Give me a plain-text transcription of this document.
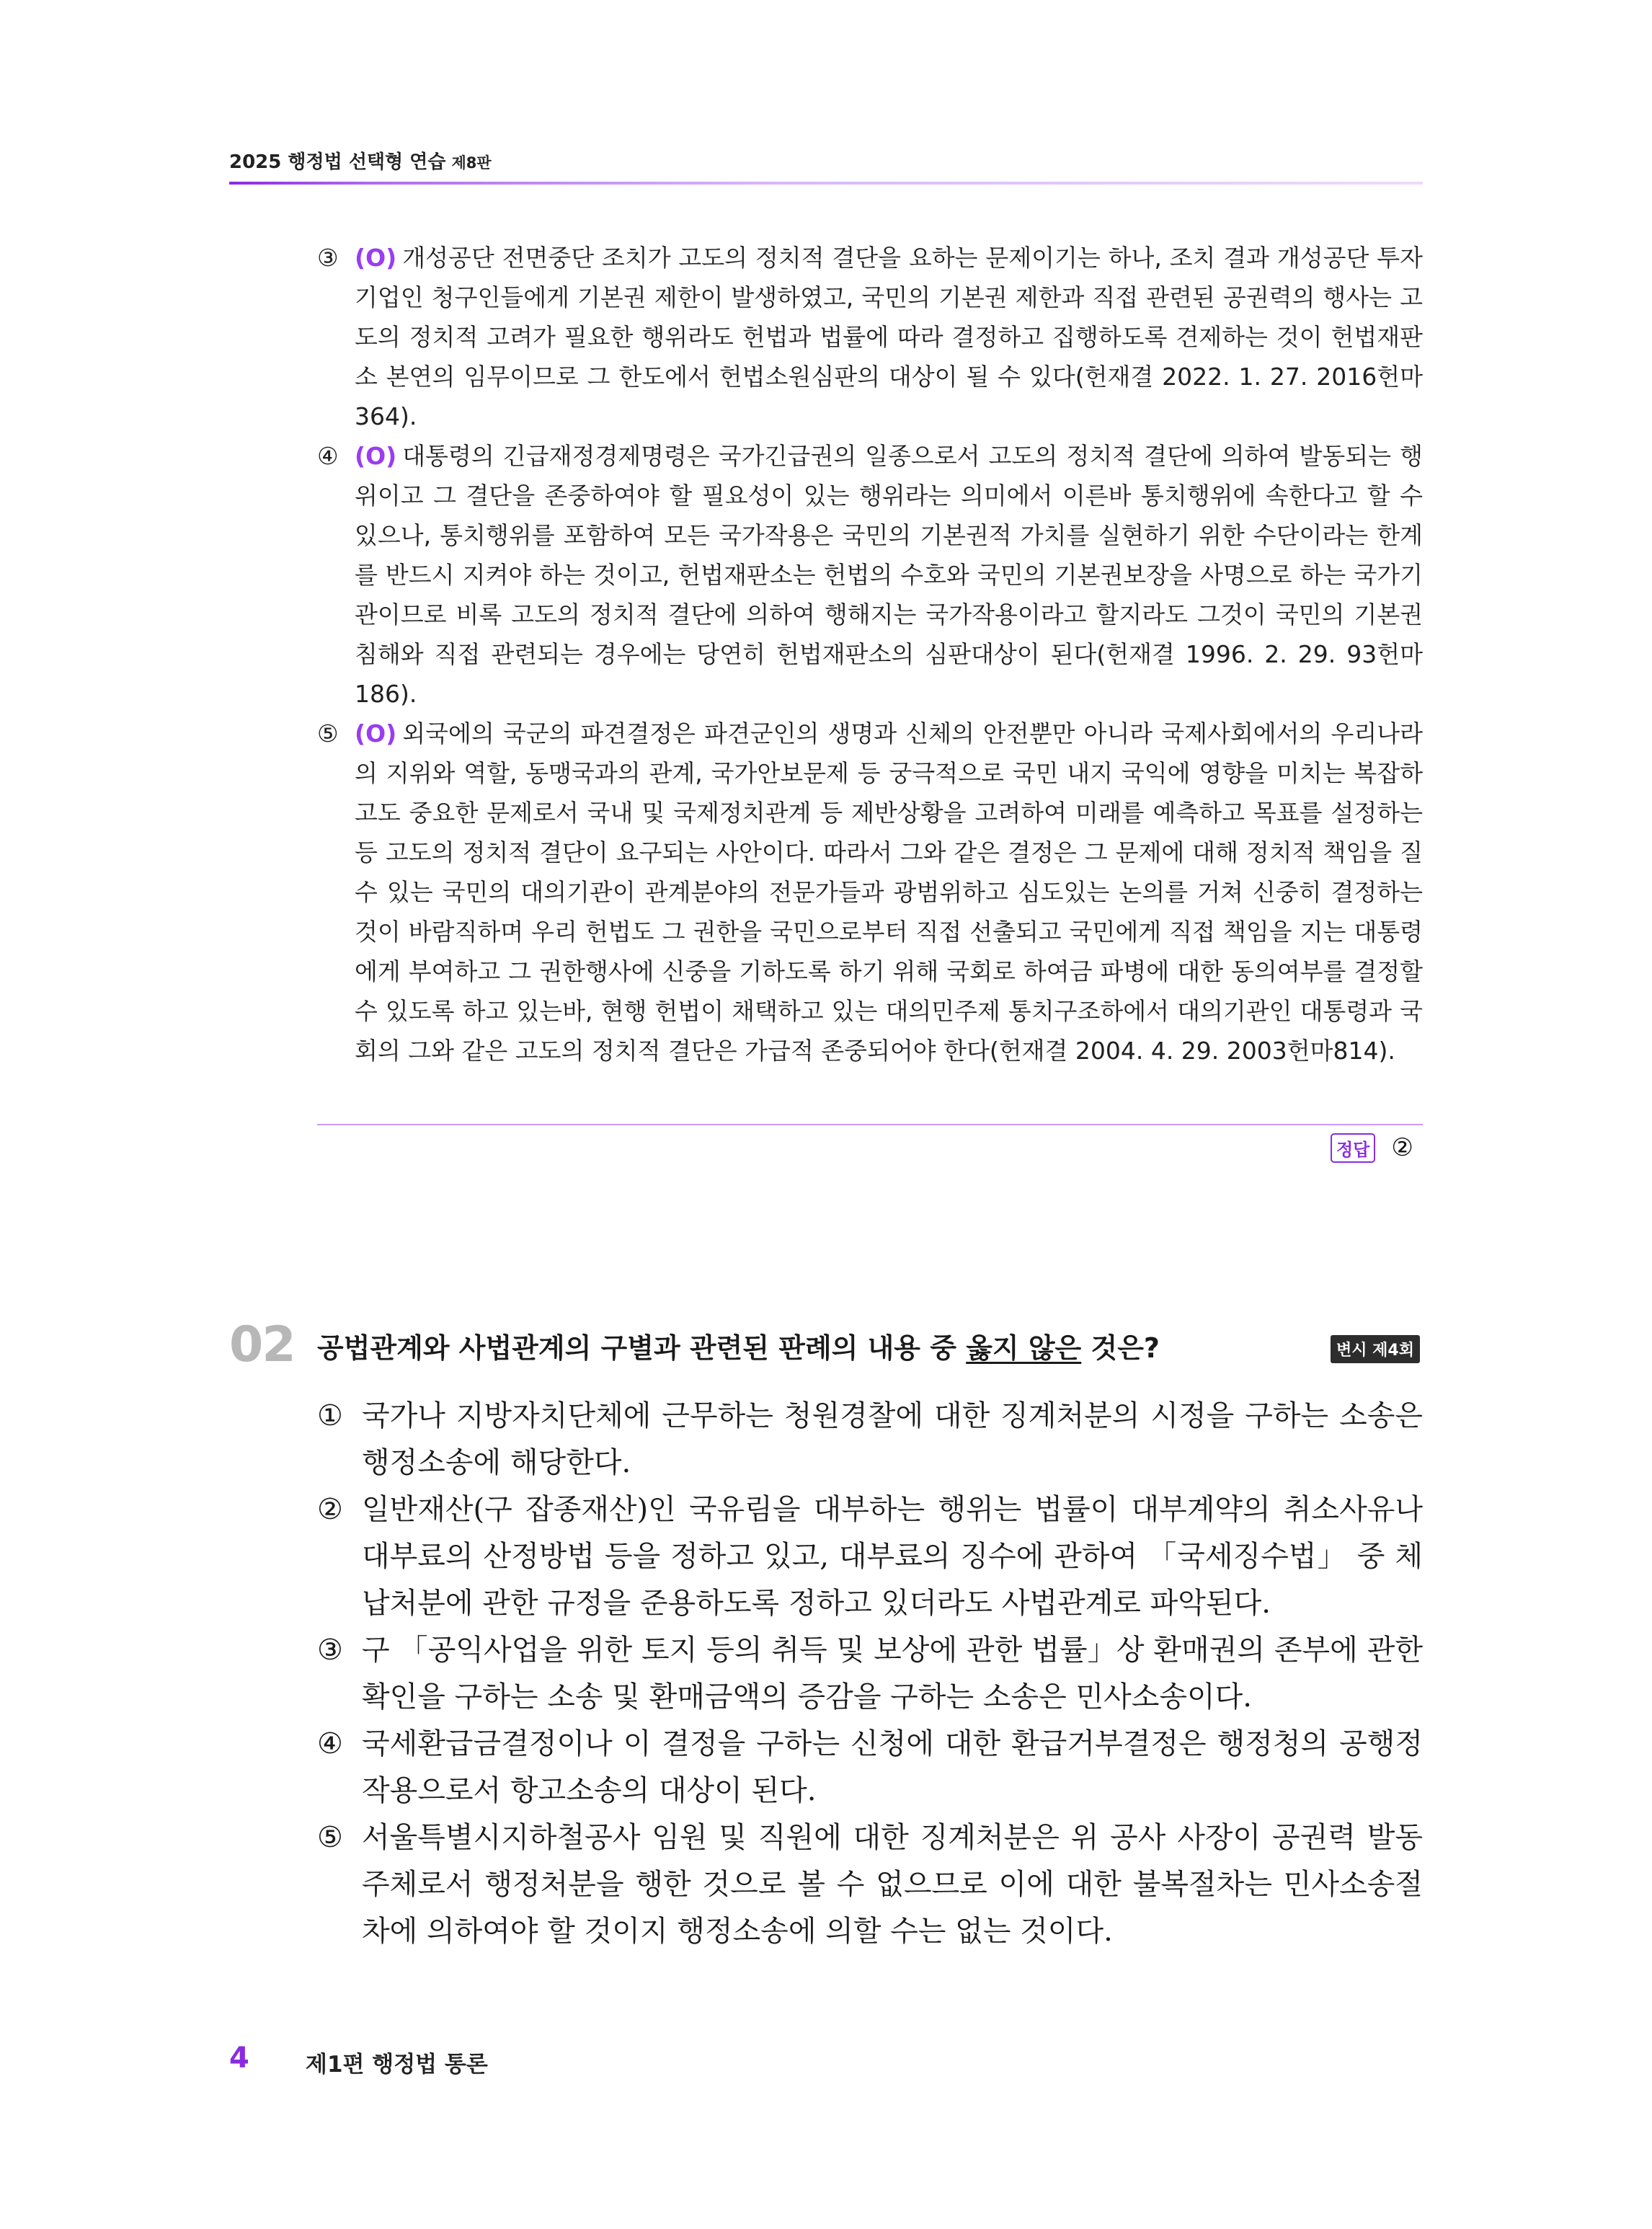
2025 행정법 선택형 연습 제8판
③ (O) 개성공단 전면중단 조치가 고도의 정치적 결단을 요하는 문제이기는 하나, 조치 결과 개성공단 투자기업인 청구인들에게 기본권 제한이 발생하였고, 국민의 기본권 제한과 직접 관련된 공권력의 행사는 고도의 정치적 고려가 필요한 행위라도 헌법과 법률에 따라 결정하고 집행하도록 견제하는 것이 헌법재판소 본연의 임무이므로 그 한도에서 헌법소원심판의 대상이 될 수 있다(헌재결 2022. 1. 27. 2016헌마364).
④ (O) 대통령의 긴급재정경제명령은 국가긴급권의 일종으로서 고도의 정치적 결단에 의하여 발동되는 행위이고 그 결단을 존중하여야 할 필요성이 있는 행위라는 의미에서 이른바 통치행위에 속한다고 할 수 있으나, 통치행위를 포함하여 모든 국가작용은 국민의 기본권적 가치를 실현하기 위한 수단이라는 한계를 반드시 지켜야 하는 것이고, 헌법재판소는 헌법의 수호와 국민의 기본권보장을 사명으로 하는 국가기관이므로 비록 고도의 정치적 결단에 의하여 행해지는 국가작용이라고 할지라도 그것이 국민의 기본권 침해와 직접 관련되는 경우에는 당연히 헌법재판소의 심판대상이 된다(헌재결 1996. 2. 29. 93헌마186).
⑤ (O) 외국에의 국군의 파견결정은 파견군인의 생명과 신체의 안전뿐만 아니라 국제사회에서의 우리나라의 지위와 역할, 동맹국과의 관계, 국가안보문제 등 궁극적으로 국민 내지 국익에 영향을 미치는 복잡하고도 중요한 문제로서 국내 및 국제정치관계 등 제반상황을 고려하여 미래를 예측하고 목표를 설정하는 등 고도의 정치적 결단이 요구되는 사안이다. 따라서 그와 같은 결정은 그 문제에 대해 정치적 책임을 질 수 있는 국민의 대의기관이 관계분야의 전문가들과 광범위하고 심도있는 논의를 거쳐 신중히 결정하는 것이 바람직하며 우리 헌법도 그 권한을 국민으로부터 직접 선출되고 국민에게 직접 책임을 지는 대통령에게 부여하고 그 권한행사에 신중을 기하도록 하기 위해 국회로 하여금 파병에 대한 동의여부를 결정할 수 있도록 하고 있는바, 현행 헌법이 채택하고 있는 대의민주제 통치구조하에서 대의기관인 대통령과 국회의 그와 같은 고도의 정치적 결단은 가급적 존중되어야 한다(헌재결 2004. 4. 29. 2003헌마814).
정답 ②
02 공법관계와 사법관계의 구별과 관련된 판례의 내용 중 옳지 않은 것은?	변시 제4회
① 국가나 지방자치단체에 근무하는 청원경찰에 대한 징계처분의 시정을 구하는 소송은 행정소송에 해당한다.
② 일반재산(구 잡종재산)인 국유림을 대부하는 행위는 법률이 대부계약의 취소사유나 대부료의 산정방법 등을 정하고 있고, 대부료의 징수에 관하여 「국세징수법」 중 체납처분에 관한 규정을 준용하도록 정하고 있더라도 사법관계로 파악된다.
③ 구 「공익사업을 위한 토지 등의 취득 및 보상에 관한 법률」상 환매권의 존부에 관한 확인을 구하는 소송 및 환매금액의 증감을 구하는 소송은 민사소송이다.
④ 국세환급금결정이나 이 결정을 구하는 신청에 대한 환급거부결정은 행정청의 공행정작용으로서 항고소송의 대상이 된다.
⑤ 서울특별시지하철공사 임원 및 직원에 대한 징계처분은 위 공사 사장이 공권력 발동주체로서 행정처분을 행한 것으로 볼 수 없으므로 이에 대한 불복절차는 민사소송절차에 의하여야 할 것이지 행정소송에 의할 수는 없는 것이다.
4	제1편 행정법 통론
